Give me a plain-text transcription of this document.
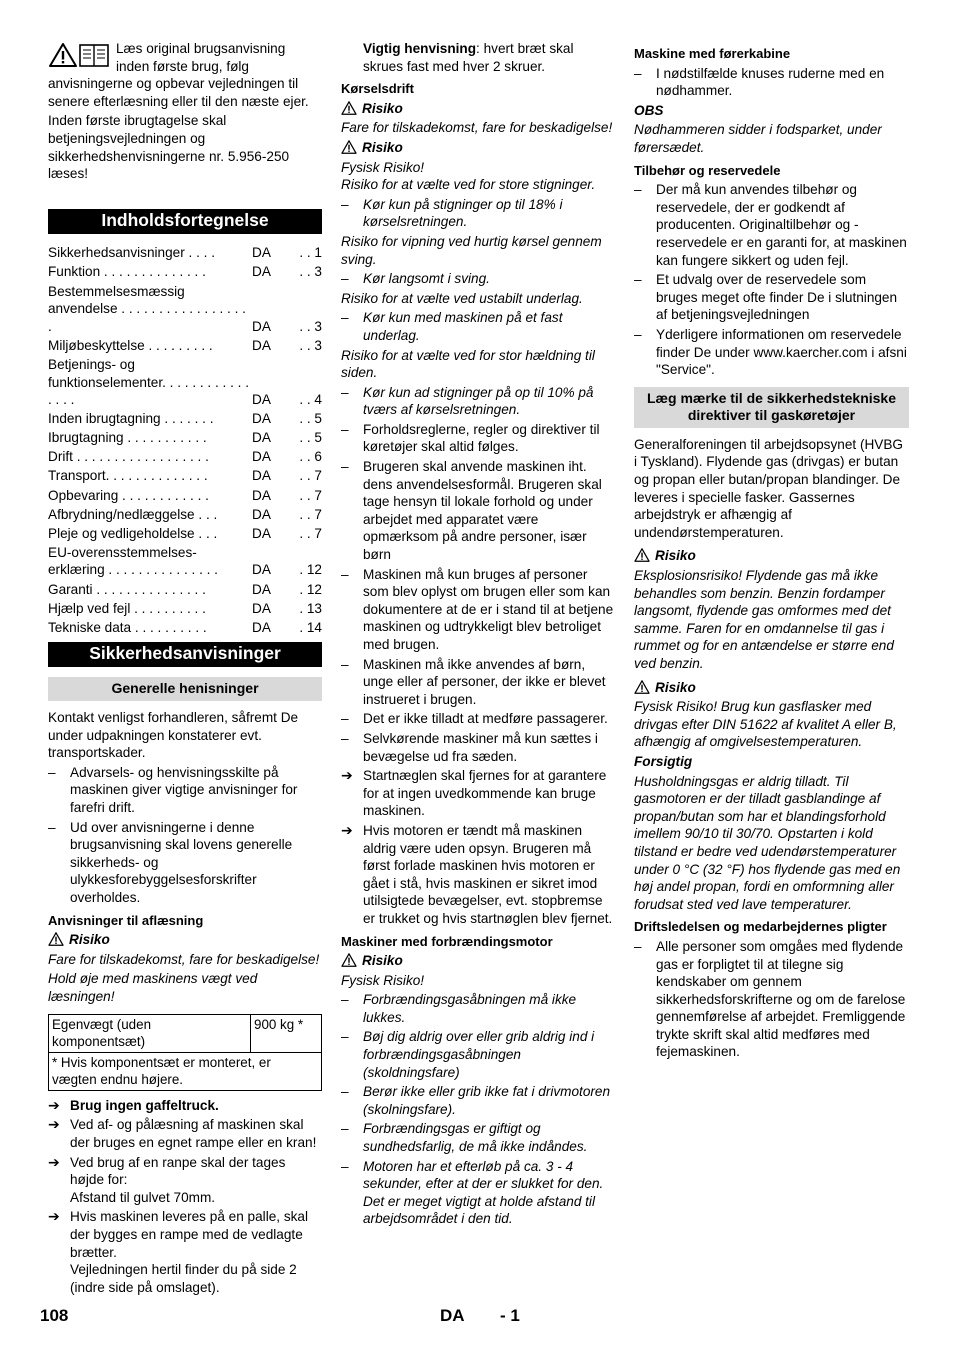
Læs original brugsanvisning inden første brug, følg anvisningerne og opbevar vejledningen til senere efterlæsning eller til den næste ejer.

Inden første ibrugtagelse skal betjeningsvejledningen og sikkerhedshenvisningerne nr. 5.956-250 læses!

Indholdsfortegnelse
Sikkerhedsanvisninger . . . .	DA	. . 1
Funktion . . . . . . . . . . . . . .	DA	. . 3
Bestemmelsesmæssig anvendelse . . . . . . . . . . . . . . . . . .	DA	. . 3
Miljøbeskyttelse . . . . . . . . .	DA	. . 3
Betjenings- og funktionselementer. . . . . . . . . . . . . . . .	DA	. . 4
Inden ibrugtagning . . . . . . .	DA	. . 5
Ibrugtagning . . . . . . . . . . .	DA	. . 5
Drift . . . . . . . . . . . . . . . . . .	DA	. . 6
Transport. . . . . . . . . . . . . .	DA	. . 7
Opbevaring . . . . . . . . . . . .	DA	. . 7
Afbrydning/nedlæggelse . . .	DA	. . 7
Pleje og vedligeholdelse . . .	DA	. . 7
EU-overensstemmelses- erklæring . . . . . . . . . . . . . . .	DA	. 12
Garanti . . . . . . . . . . . . . . .	DA	. 12
Hjælp ved fejl . . . . . . . . . .	DA	. 13
Tekniske data . . . . . . . . . .	DA	. 14
Sikkerhedsanvisninger
Generelle henisninger

Kontakt venligst forhandleren, såfremt De under udpakningen konstaterer evt. transportskader.

– Advarsels- og henvisningsskilte på maskinen giver vigtige anvisninger for farefri drift.
– Ud over anvisningerne i denne brugsanvisning skal lovens generelle sikkerheds- og ulykkesforebyggelsesforskrifter overholdes.
Anvisninger til aflæsning
Risiko

Fare for tilskadekomst, fare for beskadigelse!

Hold øje med maskinens vægt ved læsningen!

Egenvægt (uden komponentsæt)	900 kg *
* Hvis komponentsæt er monteret, er vægten endnu højere.
➔ Brug ingen gaffeltruck.
➔ Ved af- og pålæsning af maskinen skal der bruges en egnet rampe eller en kran!
➔ Ved brug af en ranpe skal der tages højde for:
Afstand til gulvet 70mm.
➔ Hvis maskinen leveres på en palle, skal der bygges en rampe med de vedlagte brætter.
Vejledningen hertil finder du på side 2 (indre side på omslaget).
Vigtig henvisning: hvert bræt skal skrues fast med hver 2 skruer.
Kørselsdrift
Risiko

Fare for tilskadekomst, fare for beskadigelse!

Risiko

Fysisk Risiko!

Risiko for at vælte ved for store stigninger.

– Kør kun på stigninger op til 18% i kørselsretningen.

Risiko for vipning ved hurtig kørsel gennem sving.

– Kør langsomt i sving.

Risiko for at vælte ved ustabilt underlag.

– Kør kun med maskinen på et fast underlag.

Risiko for at vælte ved for stor hældning til siden.

– Kør kun ad stigninger på op til 10% på tværs af kørselsretningen.
– Forholdsreglerne, regler og direktiver til køretøjer skal altid følges.
– Brugeren skal anvende maskinen iht. dens anvendelsesformål. Brugeren skal tage hensyn til lokale forhold og under arbejdet med apparatet være opmærksom på andre personer, især børn
– Maskinen må kun bruges af personer som blev oplyst om brugen eller som kan dokumentere at de er i stand til at betjene maskinen og udtrykkeligt blev betroliget med brugen.
– Maskinen må ikke anvendes af børn, unge eller af personer, der ikke er blevet instrueret i brugen.
– Det er ikke tilladt at medføre passagerer.
– Selvkørende maskiner må kun sættes i bevægelse ud fra sæden.
➔ Startnæglen skal fjernes for at garantere for at ingen uvedkommende kan bruge maskinen.
➔ Hvis motoren er tændt må maskinen aldrig være uden opsyn. Brugeren må først forlade maskinen hvis motoren er gået i stå, hvis maskinen er sikret imod utilsigtede bevægelser, evt. stopbremse er trukket og hvis startnøglen blev fjernet.
Maskiner med forbrændingsmotor
Risiko

Fysisk Risiko!

– Forbrændingsgasåbningen må ikke lukkes.
– Bøj dig aldrig over eller grib aldrig ind i forbrændingsgasåbningen (skoldningsfare)
– Berør ikke eller grib ikke fat i drivmotoren (skolningsfare).
– Forbrændingsgas er giftigt og sundhedsfarlig, de må ikke indåndes.
– Motoren har et efterløb på ca. 3 - 4 sekunder, efter at der er slukket for den. Det er meget vigtigt at holde afstand til arbejdsområdet i den tid.
Maskine med førerkabine
– I nødstilfælde knuses ruderne med en nødhammer.
OBS

Nødhammeren sidder i fodsparket, under førersædet.

Tilbehør og reservedele
– Der må kun anvendes tilbehør og reservedele, der er godkendt af producenten. Originaltilbehør og -reservedele er en garanti for, at maskinen kan fungere sikkert og uden fejl.
– Et udvalg over de reservedele som bruges meget ofte finder De i slutningen af betjeningsvejledningen
– Yderligere informationen om reservedele finder De under www.kaercher.com i afsni "Service".
Læg mærke til de sikkerhedstekniske direktiver til gaskøretøjer

Generalforeningen til arbejdsopsynet (HVBG i Tyskland). Flydende gas (drivgas) er butan og propan eller butan/propan blandinger. De leveres i specielle fasker. Gassernes arbejdstryk er afhængig af undendørstemperaturen.

Risiko

Eksplosionsrisiko! Flydende gas må ikke behandles som benzin. Benzin fordamper langsomt, flydende gas omformes med det samme. Faren for en omdannelse til gas i rummet og for en antændelse er større end ved benzin.

Risiko

Fysisk Risiko! Brug kun gasflasker med drivgas efter DIN 51622 af kvalitet A eller B, afhængig af omgivelsestemperaturen.

Forsigtig

Husholdningsgas er aldrig tilladt. Til gasmotoren er der tilladt gasblandinge af propan/butan som har et blandingsforhold imellem 90/10 til 30/70. Opstarten i kold tilstand er bedre ved udendørstemperaturer under 0 °C (32 °F) hos flydende gas med en høj andel propan, fordi en omformning aller forudsat sted ved lave temperaturer.

Driftsledelsen og medarbejdernes pligter
– Alle personer som omgåes med flydende gas er forpligtet til at tilegne sig kendskaber om gennem sikkerhedsforskrifterne og om de farelose gennemførelse af arbejdet. Fremliggende trykte skrift skal altid medføres med fejemaskinen.
108	DA - 1
